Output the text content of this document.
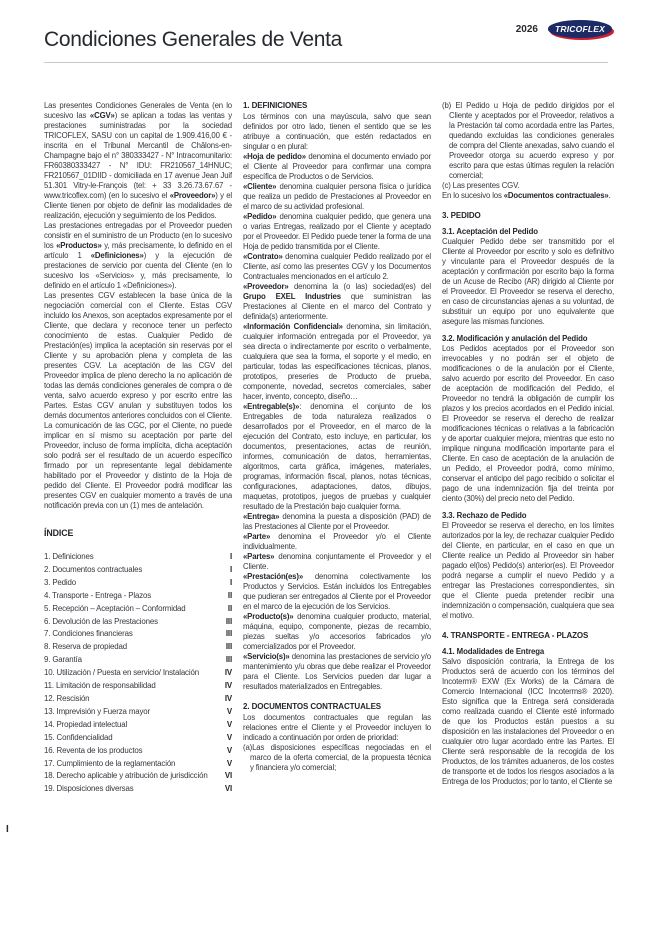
Condiciones Generales de Venta	2026 TRICOFLEX
I

Las presentes Condiciones Generales de Venta (en lo sucesivo las «CGV») se aplican a todas las ventas y prestaciones suministradas por la sociedad TRICOFLEX, SASU con un capital de 1.909.416,00 € - inscrita en el Tribunal Mercantil de Châlons-en-Champagne bajo el n° 380333427 - N° Intracomunitario: FR60380333427 - N° IDU: FR210567_14HNUC; FR210567_01DIID - domiciliada en 17 avenue Jean Juif 51.301 Vitry-le-François (tel: + 33 3.26.73.67.67 - www.tricoflex.com) (en lo sucesivo el «Proveedor») y el Cliente tienen por objeto de definir las modalidades de realización, ejecución y seguimiento de los Pedidos.

Las prestaciones entregadas por el Proveedor pueden consistir en el suministro de un Producto (en lo sucesivo los «Productos» y, más precisamente, lo definido en el artículo 1 «Definiciones») y la ejecución de prestaciones de servicio por cuenta del Cliente (en lo sucesivo los «Servicios» y, más precisamente, lo definido en el artículo 1 «Definiciones»).

Las presentes CGV establecen la base única de la negociación comercial con el Cliente. Estas CGV incluido los Anexos, son aceptados expresamente por el Cliente, que declara y reconoce tener un perfecto conocimiento de estas. Cualquier Pedido de Prestación(es) implica la aceptación sin reservas por el Cliente y su aprobación plena y completa de las presentes CGV. La aceptación de las CGV del Proveedor implica de pleno derecho la no aplicación de todas las demás condiciones generales de compra o de venta, salvo acuerdo expreso y por escrito entre las Partes. Estas CGV anulan y substituyen todos los demás documentos anteriores concluidos con el Cliente. La comunicación de las CGC, por el Cliente, no puede implicar en sí mismo su aceptación por parte del Proveedor, incluso de forma implícita, dicha aceptación solo podrá ser el resultado de un acuerdo específico firmado por un representante legal debidamente habilitado por el Proveedor y distinto de la Hoja de pedido del Cliente. El Proveedor podrá modificar las presentes CGV en cualquier momento a través de una notificación previa con un (1) mes de antelación.

ÍNDICE
1. Definiciones	I
2. Documentos contractuales	I
3. Pedido	I
4. Transporte - Entrega - Plazos	II
5. Recepción – Aceptación – Conformidad	II
6. Devolución de las Prestaciones	III
7. Condiciones financieras	III
8. Reserva de propiedad	III
9. Garantía	III
10. Utilización / Puesta en servicio/ Instalación	IV
11. Limitación de responsabilidad	IV
12. Rescisión	IV
13. Imprevisión y Fuerza mayor	V
14. Propiedad intelectual	V
15. Confidencialidad	V
16. Reventa de los productos	V
17. Cumplimiento de la reglamentación	V
18. Derecho aplicable y atribución de jurisdicción VI
19. Disposiciones diversas	VI
1. DEFINICIONES

Los términos con una mayúscula, salvo que sean definidos por otro lado, tienen el sentido que se les atribuye a continuación, que estén redactados en singular o en plural:

«Hoja de pedido» denomina el documento enviado por el Cliente al Proveedor para confirmar una compra específica de Productos o de Servicios.

«Cliente» denomina cualquier persona física o jurídica que realiza un pedido de Prestaciones al Proveedor en el marco de su actividad profesional.

«Pedido» denomina cualquier pedido, que genera una o varias Entregas, realizado por el Cliente y aceptado por el Proveedor. El Pedido puede tener la forma de una Hoja de pedido transmitida por el Cliente.

«Contrato» denomina cualquier Pedido realizado por el Cliente, así como las presentes CGV y los Documentos Contractuales mencionados en el artículo 2.

«Proveedor» denomina la (o las) sociedad(es) del Grupo EXEL Industries que suministran las Prestaciones al Cliente en el marco del Contrato y definida(s) anteriormente.

«Información Confidencial» denomina, sin limitación, cualquier información entregada por el Proveedor, ya sea directa o indirectamente por escrito o verbalmente, cualquiera que sea la forma, el soporte y el medio, en particular, todas las especificaciones técnicas, planos, prototipos, preseries de Producto de prueba, componente, novedad, secretos comerciales, saber hacer, invento, concepto, diseño…

«Entregable(s)»: denomina el conjunto de los Entregables de toda naturaleza realizados o desarrollados por el Proveedor, en el marco de la ejecución del Contrato, esto incluye, en particular, los documentos, presentaciones, actas de reunión, informes, comunicación de datos, herramientas, algoritmos, carta gráfica, imágenes, materiales, programas, información fiscal, planos, notas técnicas, configuraciones, adaptaciones, datos, dibujos, maquetas, prototipos, juegos de pruebas y cualquier resultado de la Prestación bajo cualquier forma.

«Entrega» denomina la puesta a disposición (PAD) de las Prestaciones al Cliente por el Proveedor.

«Parte» denomina el Proveedor y/o el Cliente individualmente.

«Partes» denomina conjuntamente el Proveedor y el Cliente.

«Prestación(es)» denomina colectivamente los Productos y Servicios. Están incluidos los Entregables que pudieran ser entregados al Cliente por el Proveedor en el marco de la ejecución de los Servicios.

«Producto(s)» denomina cualquier producto, material, máquina, equipo, componente, piezas de recambio, piezas sueltas y/o accesorios fabricados y/o comercializados por el Proveedor.

«Servicio(s)» denomina las prestaciones de servicio y/o mantenimiento y/u obras que debe realizar el Proveedor para el Cliente. Los Servicios pueden dar lugar a resultados materializados en Entregables.

2. DOCUMENTOS CONTRACTUALES

Los documentos contractuales que regulan las relaciones entre el Cliente y el Proveedor incluyen lo indicado a continuación por orden de prioridad:

(a)Las disposiciones específicas negociadas en el marco de la oferta comercial, de la propuesta técnica y financiera y/o comercial;

(b) El Pedido u Hoja de pedido dirigidos por el Cliente y aceptados por el Proveedor, relativos a la Prestación tal como acordada entre las Partes, quedando excluidas las condiciones generales de compra del Cliente anexadas, salvo cuando el Proveedor otorga su acuerdo expreso y por escrito para que estas últimas regulen la relación comercial;

(c) Las presentes CGV.

En lo sucesivo los «Documentos contractuales».

3. PEDIDO
3.1. Aceptación del Pedido

Cualquier Pedido debe ser transmitido por el Cliente al Proveedor por escrito y solo es definitivo y vinculante para el Proveedor después de la aceptación y confirmación por escrito bajo la forma de un Acuse de Recibo (AR) dirigido al Cliente por el Proveedor. El Proveedor se reserva el derecho, en caso de circunstancias ajenas a su voluntad, de substituir un equipo por uno equivalente que asegure las mismas funciones.

3.2. Modificación y anulación del Pedido

Los Pedidos aceptados por el Proveedor son irrevocables y no podrán ser el objeto de modificaciones o de la anulación por el Cliente, salvo acuerdo por escrito del Proveedor. En caso de aceptación de modificación del Pedido, el Proveedor no tendrá la obligación de cumplir los plazos y los precios acordados en el Pedido inicial. El Proveedor se reserva el derecho de realizar modificaciones técnicas o relativas a la fabricación y de aportar cualquier mejora, mientras que esto no implique ninguna modificación importante para el Cliente. En caso de aceptación de la anulación de un Pedido, el Proveedor podrá, como mínimo, conservar el anticipo del pago recibido o solicitar el pago de una indemnización fija del treinta por ciento (30%) del precio neto del Pedido.

3.3. Rechazo de Pedido

El Proveedor se reserva el derecho, en los límites autorizados por la ley, de rechazar cualquier Pedido del Cliente, en particular, en el caso en que un Cliente realice un Pedido al Proveedor sin haber pagado el(los) Pedido(s) anterior(es). El Proveedor podrá negarse a cumplir el nuevo Pedido y a entregar las Prestaciones correspondientes, sin que el Cliente pueda pretender recibir una indemnización o compensación, cualquiera que sea el motivo.

4. TRANSPORTE - ENTREGA - PLAZOS
4.1. Modalidades de Entrega

Salvo disposición contraria, la Entrega de los Productos será de acuerdo con los términos del Incoterm® EXW (Ex Works) de la Cámara de Comercio Internacional (ICC Incoterms® 2020). Esto significa que la Entrega será considerada como realizada cuando el Cliente esté informado de que los Productos están puestos a su disposición en las instalaciones del Proveedor o en cualquier otro lugar acordado entre las Partes. El Cliente será responsable de la recogida de los Productos, de los trámites aduaneros, de los costes de transporte et de todos los riesgos asociados a la Entrega de los Productos; por lo tanto, el Cliente se
